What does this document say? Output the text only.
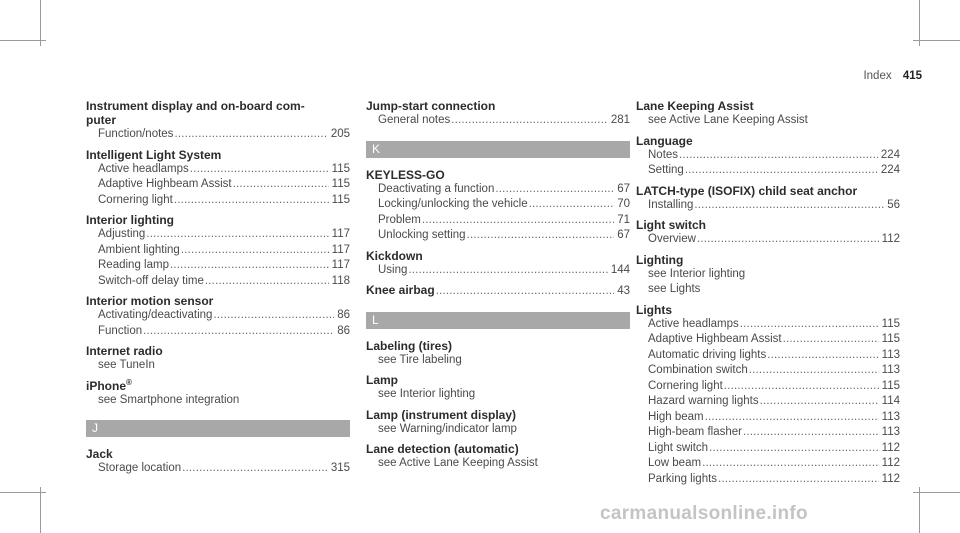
Index 415
Instrument display and on-board com-
puter
Function/notes .....	205
Intelligent Light System
Active headlamps .....	115
Adaptive Highbeam Assist .....	115
Cornering light .....	115
Interior lighting
Adjusting .....	117
Ambient lighting .....	117
Reading lamp .....	117
Switch-off delay time .....	118
Interior motion sensor
Activating/deactivating .....	86
Function .....	86
Internet radio
see TuneIn
iPhone®
see Smartphone integration
J
Jack
Storage location .....	315
Jump-start connection
General notes .....	281
K
KEYLESS-GO
Deactivating a function .....	67
Locking/unlocking the vehicle .....	70
Problem .....	71
Unlocking setting .....	67
Kickdown
Using .....	144
Knee airbag .....	43
L
Labeling (tires)
see Tire labeling
Lamp
see Interior lighting
Lamp (instrument display)
see Warning/indicator lamp
Lane detection (automatic)
see Active Lane Keeping Assist
Lane Keeping Assist
see Active Lane Keeping Assist
Language
Notes .....	224
Setting .....	224
LATCH-type (ISOFIX) child seat anchor
Installing .....	56
Light switch
Overview .....	112
Lighting
see Interior lighting
see Lights
Lights
Active headlamps .....	115
Adaptive Highbeam Assist .....	115
Automatic driving lights .....	113
Combination switch .....	113
Cornering light .....	115
Hazard warning lights .....	114
High beam .....	113
High-beam flasher .....	113
Light switch .....	112
Low beam .....	112
Parking lights .....	112
carmanualsonline.info
